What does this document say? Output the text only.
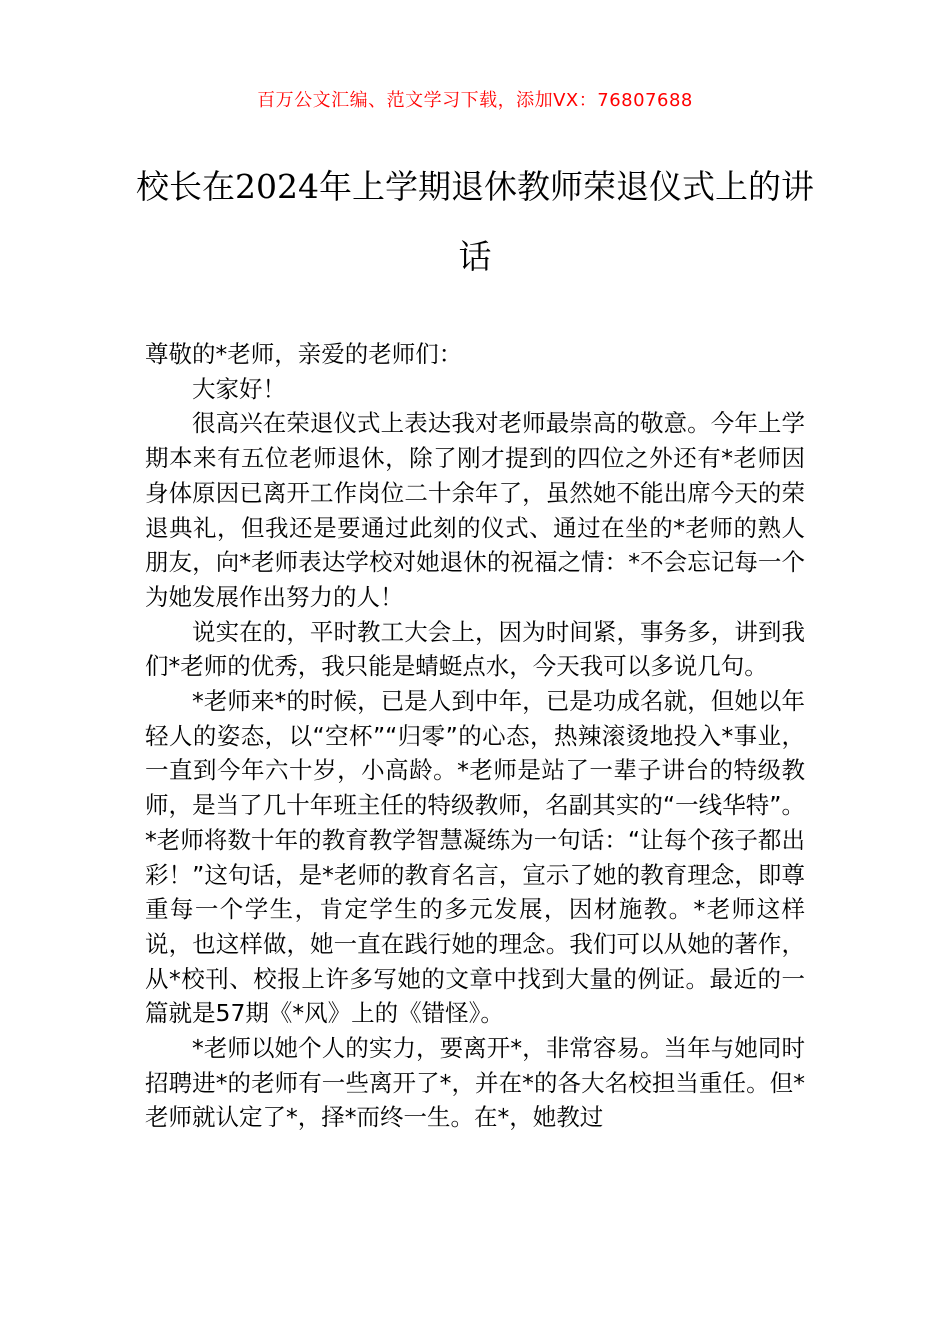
百万公文汇编、范文学习下载，添加VX：76807688
校长在2024年上学期退休教师荣退仪式上的讲话

尊敬的*老师，亲爱的老师们：

大家好！

很高兴在荣退仪式上表达我对老师最崇高的敬意。今年上学期本来有五位老师退休，除了刚才提到的四位之外还有*老师因身体原因已离开工作岗位二十余年了，虽然她不能出席今天的荣退典礼，但我还是要通过此刻的仪式、通过在坐的*老师的熟人朋友，向*老师表达学校对她退休的祝福之情：*不会忘记每一个为她发展作出努力的人！

说实在的，平时教工大会上，因为时间紧，事务多，讲到我们*老师的优秀，我只能是蜻蜓点水，今天我可以多说几句。

*老师来*的时候，已是人到中年，已是功成名就，但她以年轻人的姿态，以“空杯”“归零”的心态，热辣滚烫地投入*事业，一直到今年六十岁，小高龄。*老师是站了一辈子讲台的特级教师，是当了几十年班主任的特级教师，名副其实的“一线华特”。*老师将数十年的教育教学智慧凝练为一句话：“让每个孩子都出彩！”这句话，是*老师的教育名言，宣示了她的教育理念，即尊重每一个学生，肯定学生的多元发展，因材施教。*老师这样说，也这样做，她一直在践行她的理念。我们可以从她的著作，从*校刊、校报上许多写她的文章中找到大量的例证。最近的一篇就是57期《*风》上的《错怪》。

*老师以她个人的实力，要离开*，非常容易。当年与她同时招聘进*的老师有一些离开了*，并在*的各大名校担当重任。但*老师就认定了*，择*而终一生。在*，她教过
